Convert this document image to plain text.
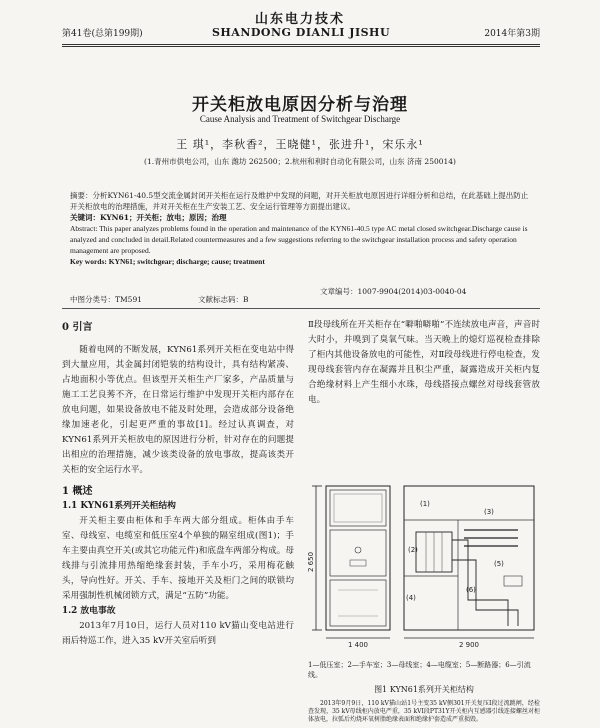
山东电力技术
第41卷(总第199期)	SHANDONG DIANLI JISHU	2014年第3期
开关柜放电原因分析与治理
Cause Analysis and Treatment of Switchgear Discharge
王 琪¹，李秋香²，王晓健¹，张进升¹，宋乐永¹
(1.青州市供电公司，山东 潍坊 262500；2.杭州和利时自动化有限公司，山东 济南 250014)

摘要：分析KYN61-40.5型交流金属封闭开关柜在运行及维护中发现的问题，对开关柜放电原因进行详细分析和总结，在此基础上提出防止开关柜放电的治理措施，并对开关柜在生产安装工艺、安全运行管理等方面提出建议。

关键词：KYN61；开关柜；放电；原因；治理

Abstract: This paper analyzes problems found in the operation and maintenance of the KYN61-40.5 type AC metal closed switchgear.Discharge cause is analyzed and concluded in detail.Related countermeasures and a few suggestions referring to the switchgear installation process and safety operation management are proposed.

Key words: KYN61; switchgear; discharge; cause; treatment

中图分类号：TM591	文献标志码：B
文章编号：1007-9904(2014)03-0040-04

0 引言

随着电网的不断发展，KYN61系列开关柜在变电站中得到大量应用，其金属封闭铠装的结构设计，具有结构紧凑、占地面积小等优点。但该型开关柜生产厂家多，产品质量与施工工艺良莠不齐，在日常运行维护中发现开关柜内部存在放电问题，如果设备放电不能及时处理，会造成部分设备绝缘加速老化，引起更严重的事故[1]。经过认真调查，对KYN61系列开关柜放电的原因进行分析，针对存在的问题提出相应的治理措施，减少该类设备的放电事故，提高该类开关柜的安全运行水平。

1 概述

1.1 KYN61系列开关柜结构

开关柜主要由柜体和手车两大部分组成。柜体由手车室、母线室、电缆室和低压室4个单独的隔室组成(图1)；手车主要由真空开关(或其它功能元件)和底盘车两部分构成。母线排与引流排用热缩绝缘套封装，手车小巧，采用梅花触头，导向性好。开关、手车、接地开关及柜门之间的联锁均采用强制性机械闭锁方式，满足“五防”功能。

1.2 放电事故

2013年7月10日，运行人员对110 kV猫山变电站进行雨后特巡工作，进入35 kV开关室后听到

Ⅱ段母线所在开关柜存在“噼啪噼啪”不连续放电声音，声音时大时小，并嗅到了臭氧气味。当天晚上的熄灯巡视检查排除了柜内其他设备放电的可能性，对Ⅱ段母线进行停电检查，发现母线套管内存在凝露并且积尘严重，凝露造成开关柜内复合绝缘材料上产生细小水珠，母线搭接点螺丝对母线套管放电。

2 650
1 400
(1)
(2)
(3)
(4)
(5)
(6)
2 900
1—低压室；2—手车室；3—母线室；4—电缆室；5—断路器；6—引流线。
图1 KYN61系列开关柜结构

2013年9月9日，110 kV猫山站1号主变35 kV侧301开关复压Ⅰ段过流跳闸，经检查发现，35 kV母线柜内放电严重，35 kVⅠ段PT31Y开关柜内互感器引线连接螺丝对柜体放电，拉弧后灼烧环氧树脂绝缘表面和绝缘护套造成严重损毁。
